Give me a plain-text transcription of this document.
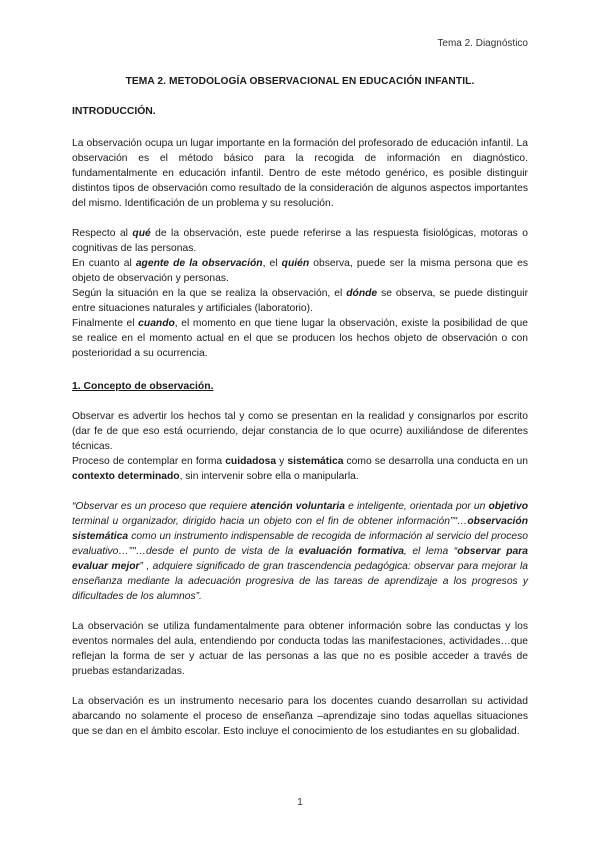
Tema 2. Diagnóstico
TEMA 2. METODOLOGÍA OBSERVACIONAL EN EDUCACIÓN INFANTIL.
INTRODUCCIÓN.

La observación ocupa un lugar importante en la formación del profesorado de educación infantil. La observación es el método básico para la recogida de información en diagnóstico. fundamentalmente en educación infantil. Dentro de este método genérico, es posible distinguir distintos tipos de observación como resultado de la consideración de algunos aspectos importantes del mismo. Identificación de un problema y su resolución.

Respecto al qué de la observación, este puede referirse a las respuesta fisiológicas, motoras o cognitivas de las personas.

En cuanto al agente de la observación, el quién observa, puede ser la misma persona que es objeto de observación y personas.

Según la situación en la que se realiza la observación, el dónde se observa, se puede distinguir entre situaciones naturales y artificiales (laboratorio).

Finalmente el cuando, el momento en que tiene lugar la observación, existe la posibilidad de que se realice en el momento actual en el que se producen los hechos objeto de observación o con posterioridad a su ocurrencia.

1. Concepto de observación.

Observar es advertir los hechos tal y como se presentan en la realidad y consignarlos por escrito (dar fe de que eso está ocurriendo, dejar constancia de lo que ocurre) auxiliándose de diferentes técnicas.

Proceso de contemplar en forma cuidadosa y sistemática como se desarrolla una conducta en un contexto determinado, sin intervenir sobre ella o manipularla.

“Observar es un proceso que requiere atención voluntaria e inteligente, orientada por un objetivo terminal u organizador, dirigido hacia un objeto con el fin de obtener información”"…observación sistemática como un instrumento indispensable de recogida de información al servicio del proceso evaluativo…”"…desde el punto de vista de la evaluación formativa, el lema “observar para evaluar mejor” , adquiere significado de gran trascendencia pedagógica: observar para mejorar la enseñanza mediante la adecuación progresiva de las tareas de aprendizaje a los progresos y dificultades de los alumnos”.

La observación se utiliza fundamentalmente para obtener información sobre las conductas y los eventos normales del aula, entendiendo por conducta todas las manifestaciones, actividades…que reflejan la forma de ser y actuar de las personas a las que no es posible acceder a través de pruebas estandarizadas.

La observación es un instrumento necesario para los docentes cuando desarrollan su actividad abarcando no solamente el proceso de enseñanza –aprendizaje sino todas aquellas situaciones que se dan en el ámbito escolar. Esto incluye el conocimiento de los estudiantes en su globalidad.

1
